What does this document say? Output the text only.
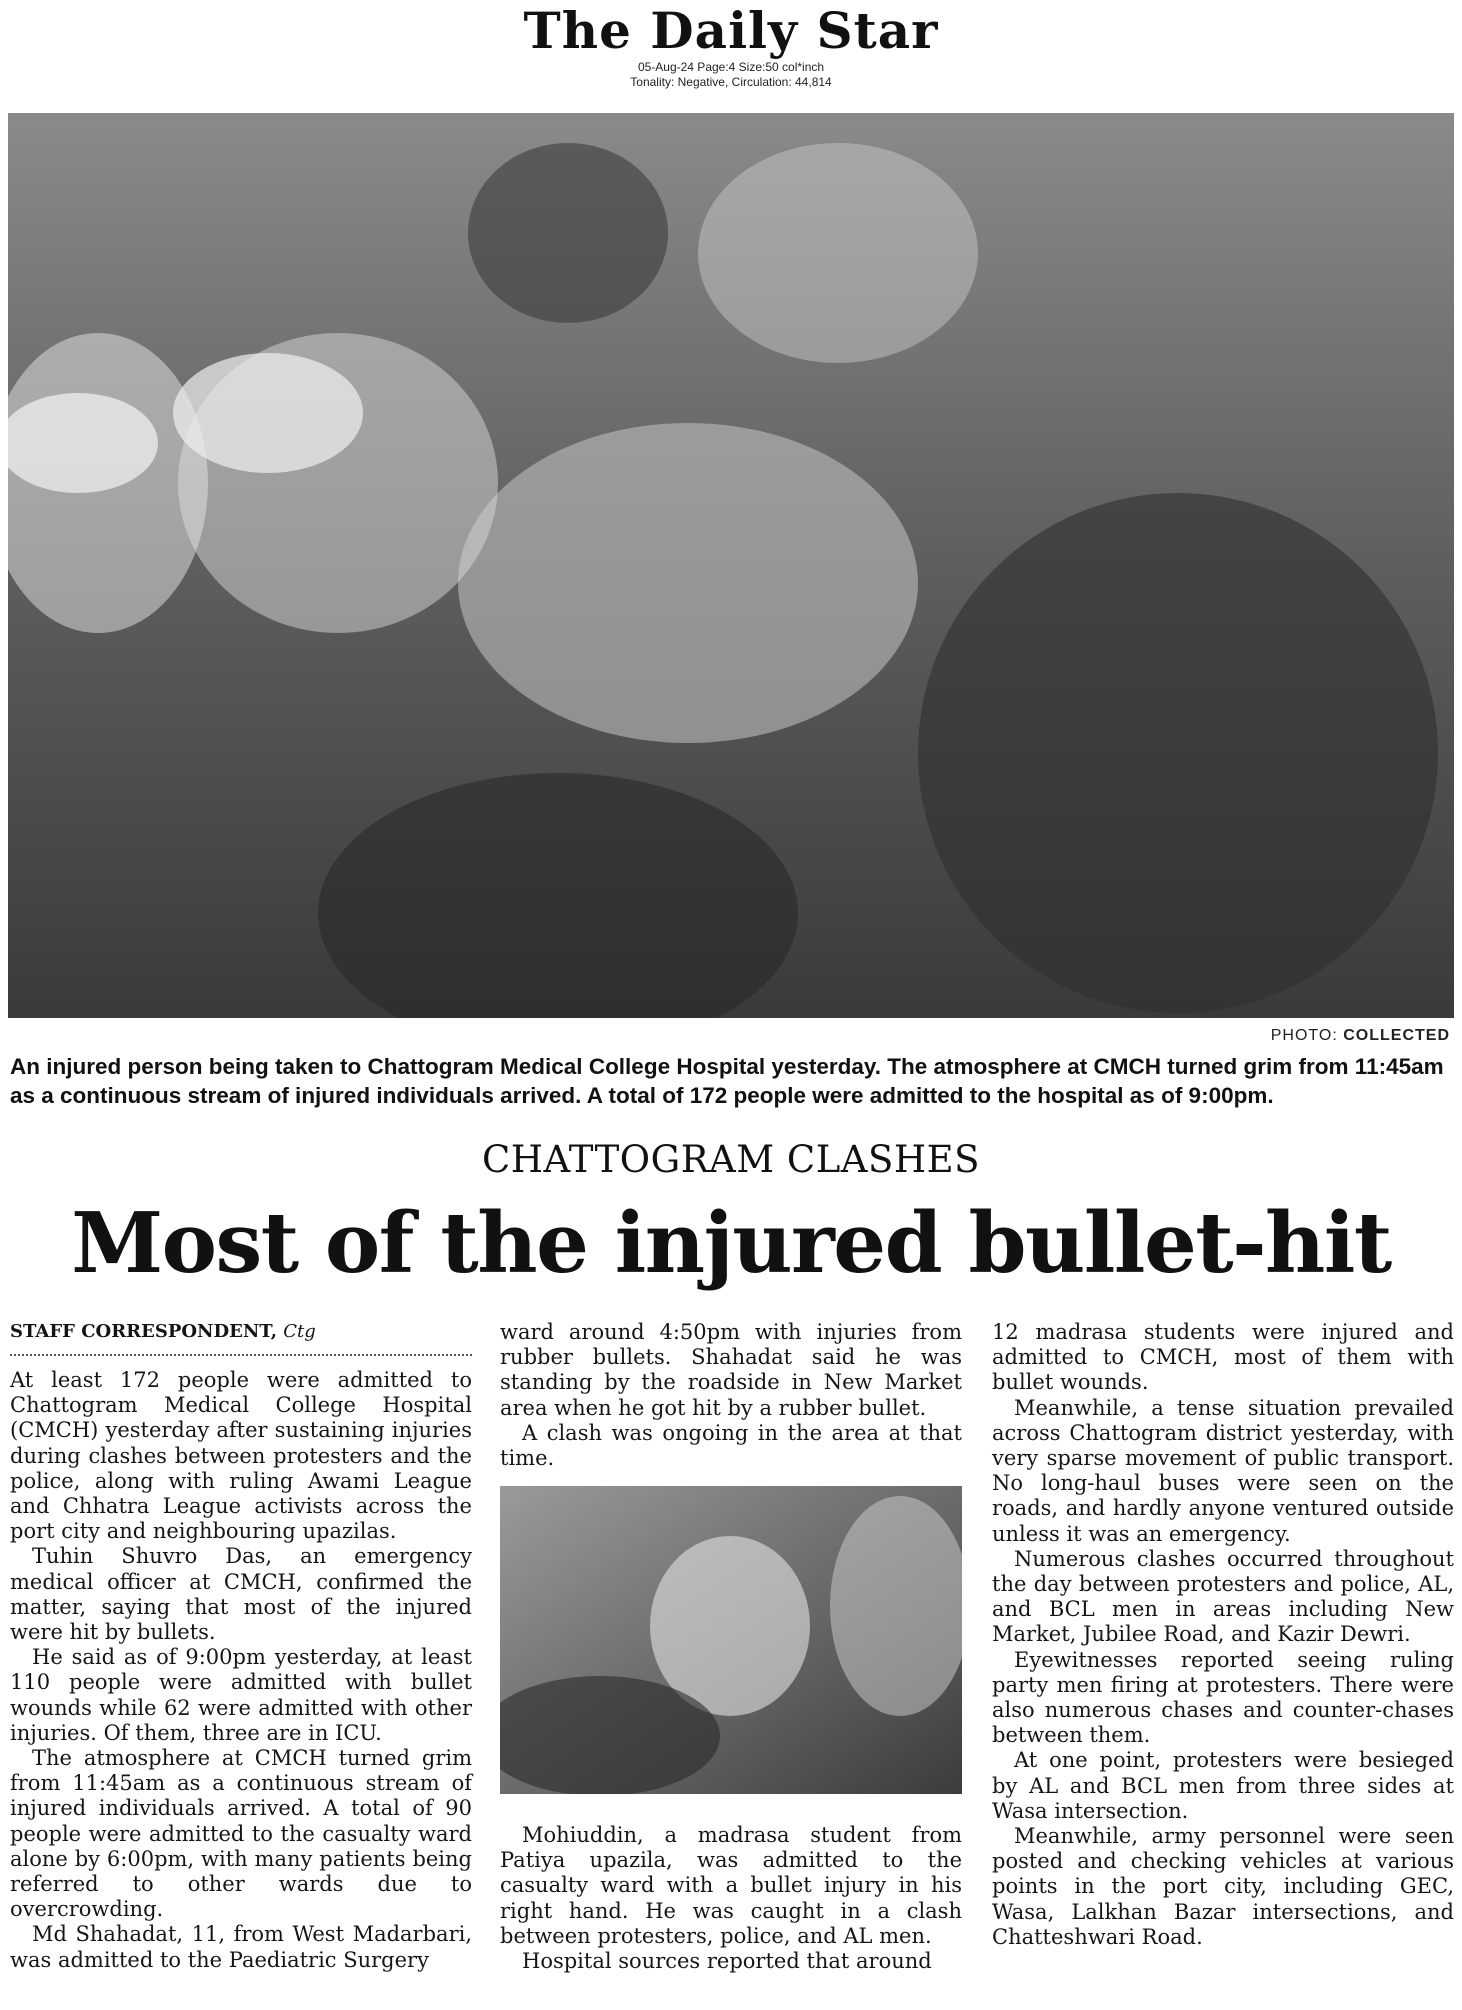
The Daily Star
05-Aug-24 Page:4 Size:50 col*inch
Tonality: Negative, Circulation: 44,814
PHOTO: COLLECTED
An injured person being taken to Chattogram Medical College Hospital yesterday. The atmosphere at CMCH turned grim from 11:45am as a continuous stream of injured individuals arrived. A total of 172 people were admitted to the hospital as of 9:00pm.
CHATTOGRAM CLASHES
Most of the injured bullet-hit
STAFF CORRESPONDENT, Ctg

At least 172 people were admitted to Chattogram Medical College Hospital (CMCH) yesterday after sustaining injuries during clashes between protesters and the police, along with ruling Awami League and Chhatra League activists across the port city and neighbouring upazilas.

Tuhin Shuvro Das, an emergency medical officer at CMCH, confirmed the matter, saying that most of the injured were hit by bullets.

He said as of 9:00pm yesterday, at least 110 people were admitted with bullet wounds while 62 were admitted with other injuries. Of them, three are in ICU.

The atmosphere at CMCH turned grim from 11:45am as a continuous stream of injured individuals arrived. A total of 90 people were admitted to the casualty ward alone by 6:00pm, with many patients being referred to other wards due to overcrowding.

Md Shahadat, 11, from West Madarbari, was admitted to the Paediatric Surgery

ward around 4:50pm with injuries from rubber bullets. Shahadat said he was standing by the roadside in New Market area when he got hit by a rubber bullet.

A clash was ongoing in the area at that time.

Mohiuddin, a madrasa student from Patiya upazila, was admitted to the casualty ward with a bullet injury in his right hand. He was caught in a clash between protesters, police, and AL men.

Hospital sources reported that around

12 madrasa students were injured and admitted to CMCH, most of them with bullet wounds.

Meanwhile, a tense situation prevailed across Chattogram district yesterday, with very sparse movement of public transport. No long-haul buses were seen on the roads, and hardly anyone ventured outside unless it was an emergency.

Numerous clashes occurred throughout the day between protesters and police, AL, and BCL men in areas including New Market, Jubilee Road, and Kazir Dewri.

Eyewitnesses reported seeing ruling party men firing at protesters. There were also numerous chases and counter-chases between them.

At one point, protesters were besieged by AL and BCL men from three sides at Wasa intersection.

Meanwhile, army personnel were seen posted and checking vehicles at various points in the port city, including GEC, Wasa, Lalkhan Bazar intersections, and Chatteshwari Road.
